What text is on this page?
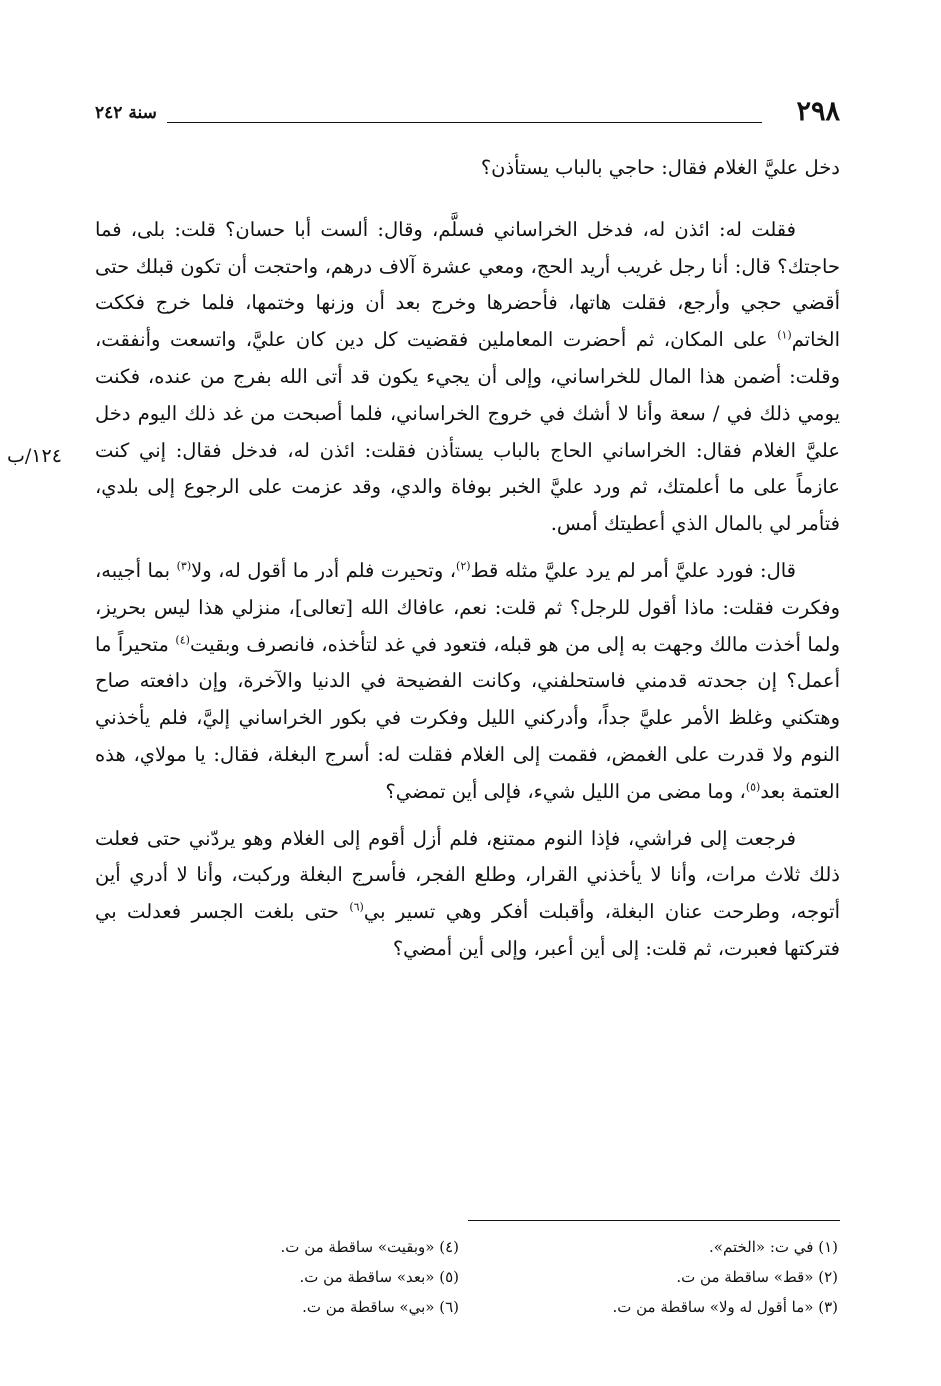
٢٩٨
سنة ٢٤٢
١٢٤/ب

دخل عليَّ الغلام فقال: حاجي بالباب يستأذن؟

فقلت له: ائذن له، فدخل الخراساني فسلَّم، وقال: ألست أبا حسان؟ قلت: بلى، فما حاجتك؟ قال: أنا رجل غريب أريد الحج، ومعي عشرة آلاف درهم، واحتجت أن تكون قبلك حتى أقضي حجي وأرجع، فقلت هاتها، فأحضرها وخرج بعد أن وزنها وختمها، فلما خرج فككت الخاتم$^{(١)}$ على المكان، ثم أحضرت المعاملين فقضيت كل دين كان عليَّ، واتسعت وأنفقت، وقلت: أضمن هذا المال للخراساني، وإلى أن يجيء يكون قد أتى الله بفرج من عنده، فكنت يومي ذلك في / سعة وأنا لا أشك في خروج الخراساني، فلما أصبحت من غد ذلك اليوم دخل عليَّ الغلام فقال: الخراساني الحاج بالباب يستأذن فقلت: ائذن له، فدخل فقال: إني كنت عازماً على ما أعلمتك، ثم ورد عليَّ الخبر بوفاة والدي، وقد عزمت على الرجوع إلى بلدي، فتأمر لي بالمال الذي أعطيتك أمس.

قال: فورد عليَّ أمر لم يرد عليَّ مثله قط$^{(٢)}$، وتحيرت فلم أدر ما أقول له، ولا$^{(٣)}$ بما أجيبه، وفكرت فقلت: ماذا أقول للرجل؟ ثم قلت: نعم، عافاك الله [تعالى]، منزلي هذا ليس بحريز، ولما أخذت مالك وجهت به إلى من هو قبله، فتعود في غد لتأخذه، فانصرف وبقيت$^{(٤)}$ متحيراً ما أعمل؟ إن جحدته قدمني فاستحلفني، وكانت الفضيحة في الدنيا والآخرة، وإن دافعته صاح وهتكني وغلظ الأمر عليَّ جداً، وأدركني الليل وفكرت في بكور الخراساني إليَّ، فلم يأخذني النوم ولا قدرت على الغمض، فقمت إلى الغلام فقلت له: أسرج البغلة، فقال: يا مولاي، هذه العتمة بعد$^{(٥)}$، وما مضى من الليل شيء، فإلى أين تمضي؟

فرجعت إلى فراشي، فإذا النوم ممتنع، فلم أزل أقوم إلى الغلام وهو يردّني حتى فعلت ذلك ثلاث مرات، وأنا لا يأخذني القرار، وطلع الفجر، فأسرج البغلة وركبت، وأنا لا أدري أين أتوجه، وطرحت عنان البغلة، وأقبلت أفكر وهي تسير بي$^{(٦)}$ حتى بلغت الجسر فعدلت بي فتركتها فعبرت، ثم قلت: إلى أين أعبر، وإلى أين أمضي؟

(١) في ت: «الختم».
(٢) «قط» ساقطة من ت.
(٣) «ما أقول له ولا» ساقطة من ت.
(٤) «وبقيت» ساقطة من ت.
(٥) «بعد» ساقطة من ت.
(٦) «بي» ساقطة من ت.
